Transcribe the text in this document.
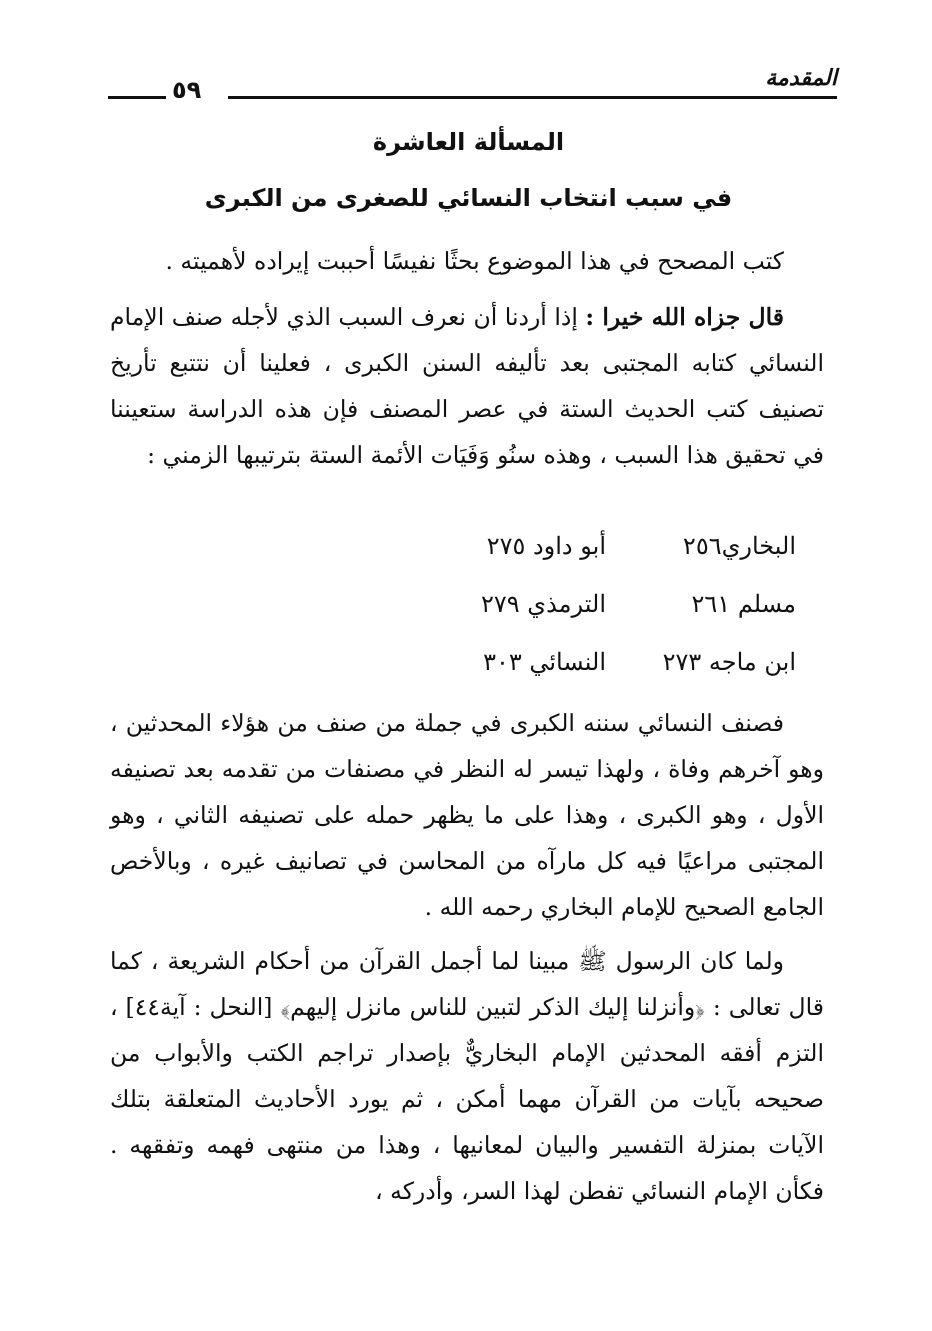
المقدمة
٥٩
المسألة العاشرة
في سبب انتخاب النسائي للصغرى من الكبرى
كتب المصحح في هذا الموضوع بحثًا نفيسًا أحببت إيراده لأهميته .
قال جزاه الله خيرا : إذا أردنا أن نعرف السبب الذي لأجله صنف الإمام النسائي كتابه المجتبى بعد تأليفه السنن الكبرى ، فعلينا أن نتتبع تأريخ تصنيف كتب الحديث الستة في عصر المصنف فإن هذه الدراسة ستعيننا في تحقيق هذا السبب ، وهذه سنُو وَفَيَات الأئمة الستة بترتيبها الزمني :
البخاري٢٥٦
أبو داود ٢٧٥
مسلم ٢٦١
الترمذي ٢٧٩
ابن ماجه ٢٧٣
النسائي ٣٠٣
فصنف النسائي سننه الكبرى في جملة من صنف من هؤلاء المحدثين ، وهو آخرهم وفاة ، ولهذا تيسر له النظر في مصنفات من تقدمه بعد تصنيفه الأول ، وهو الكبرى ، وهذا على ما يظهر حمله على تصنيفه الثاني ، وهو المجتبى مراعيًا فيه كل مارآه من المحاسن في تصانيف غيره ، وبالأخص الجامع الصحيح للإمام البخاري رحمه الله .
ولما كان الرسول ﷺ مبينا لما أجمل القرآن من أحكام الشريعة ، كما قال تعالى : ﴿وأنزلنا إليك الذكر لتبين للناس مانزل إليهم﴾ [النحل : آية٤٤] ، التزم أفقه المحدثين الإمام البخاريٌّ بإصدار تراجم الكتب والأبواب من صحيحه بآيات من القرآن مهما أمكن ، ثم يورد الأحاديث المتعلقة بتلك الآيات بمنزلة التفسير والبيان لمعانيها ، وهذا من منتهى فهمه وتفقهه . فكأن الإمام النسائي تفطن لهذا السر، وأدركه ،
